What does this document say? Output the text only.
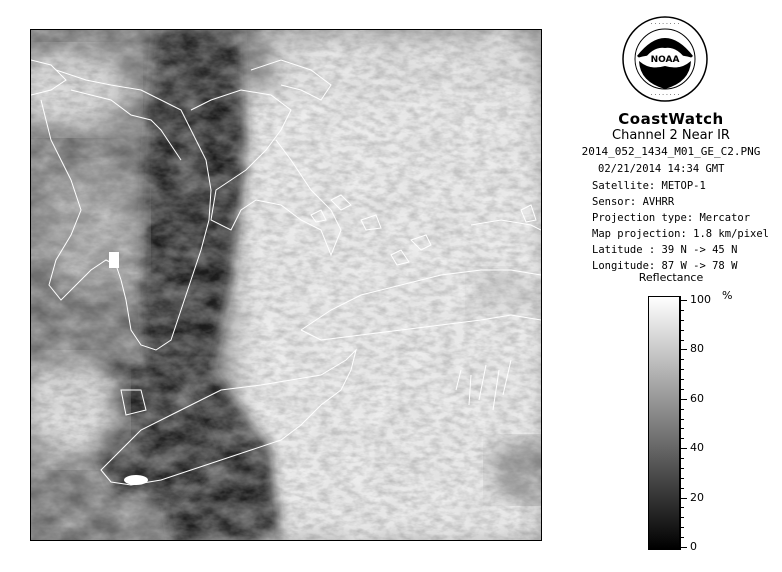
· · · · · · · ·
· · · · · · · ·
NOAA
CoastWatch
Channel 2 Near IR
2014_052_1434_M01_GE_C2.PNG
02/21/2014 14:34 GMT
Satellite: METOP-1
Sensor: AVHRR
Projection type: Mercator
Map projection: 1.8 km/pixel
Latitude : 39 N -> 45 N
Longitude: 87 W -> 78 W
Reflectance
%
100
80
60
40
20
0
